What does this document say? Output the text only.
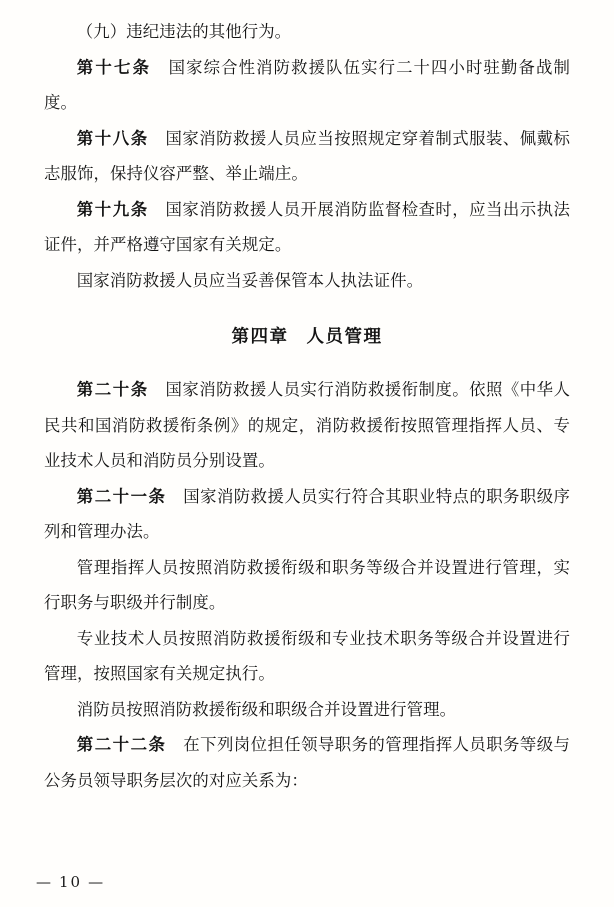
（九）违纪违法的其他行为。

第十七条　 国家综合性消防救援队伍实行二十四小时驻勤备战制度。

第十八条　 国家消防救援人员应当按照规定穿着制式服装、佩戴标志服饰，保持仪容严整、举止端庄。

第十九条　 国家消防救援人员开展消防监督检查时，应当出示执法证件，并严格遵守国家有关规定。

国家消防救援人员应当妥善保管本人执法证件。

第四章 人员管理

第二十条　 国家消防救援人员实行消防救援衔制度。依照《中华人民共和国消防救援衔条例》的规定，消防救援衔按照管理指挥人员、专业技术人员和消防员分别设置。

第二十一条　 国家消防救援人员实行符合其职业特点的职务职级序列和管理办法。

管理指挥人员按照消防救援衔级和职务等级合并设置进行管理，实行职务与职级并行制度。

专业技术人员按照消防救援衔级和专业技术职务等级合并设置进行管理，按照国家有关规定执行。

消防员按照消防救援衔级和职级合并设置进行管理。

第二十二条　 在下列岗位担任领导职务的管理指挥人员职务等级与公务员领导职务层次的对应关系为：

— 10 —
